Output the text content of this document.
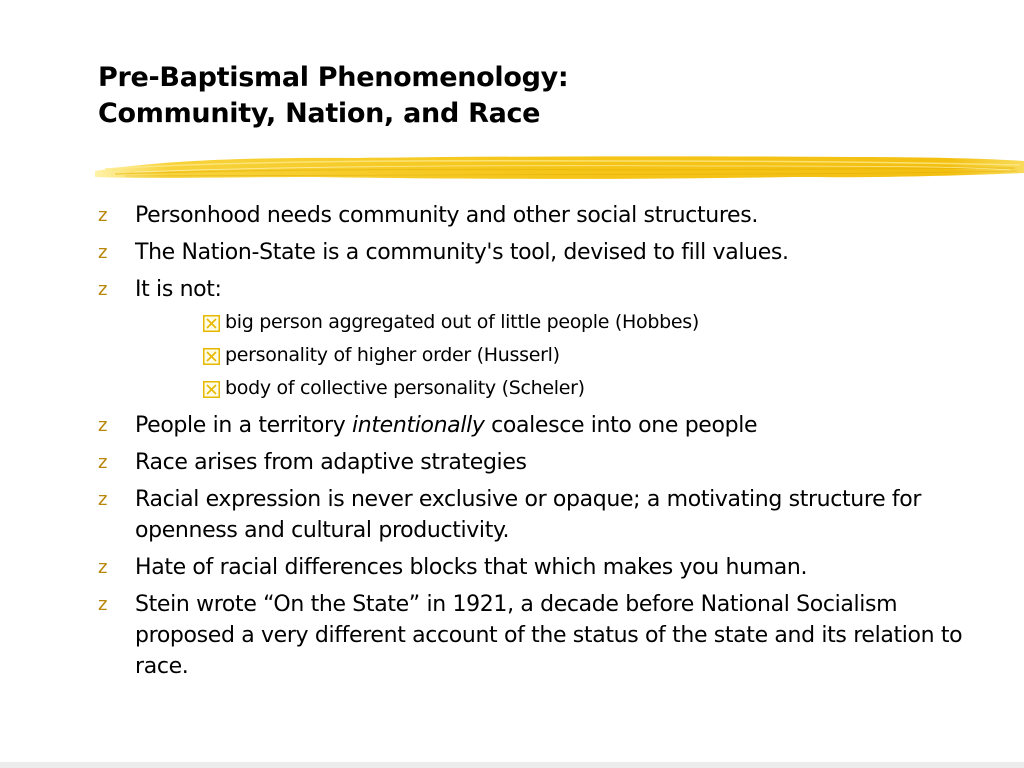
Pre-Baptismal Phenomenology:
Community, Nation, and Race
z Personhood needs community and other social structures.
z The Nation-State is a community's tool, devised to fill values.
z It is not:
big person aggregated out of little people (Hobbes)
personality of higher order (Husserl)
body of collective personality (Scheler)
z People in a territory intentionally coalesce into one people
z Race arises from adaptive strategies
z Racial expression is never exclusive or opaque; a motivating structure for openness and cultural productivity.
z Hate of racial differences blocks that which makes you human.
z Stein wrote “On the State” in 1921, a decade before National Socialism proposed a very different account of the status of the state and its relation to race.
